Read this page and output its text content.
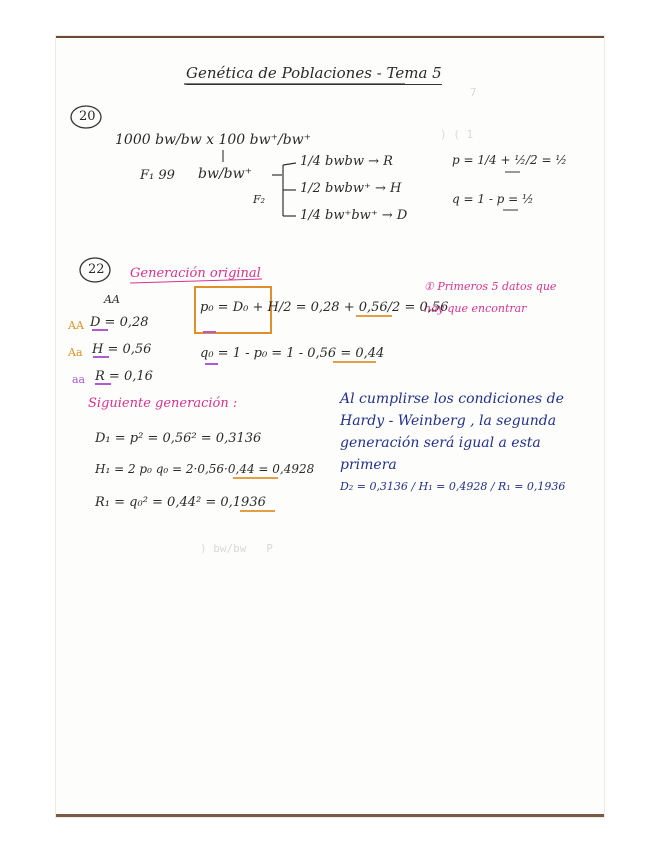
7
) ( 1
) bw/bw   P
Genética de Poblaciones - Tema 5
20
1000 bw/bw x 100 bw⁺/bw⁺
F₁ 99 bw/bw⁺
F₂
1/4 bwbw → R
1/2 bwbw⁺ → H
1/4 bw⁺bw⁺ → D
p = 1/4 + ½/2 = ½
q = 1 - p = ½
22 Generación original
AA
① Primeros 5 datos que hay que encontrar
AA D = 0,28
Aa H = 0,56
aa R = 0,16
p₀ = D₀ + H/2 = 0,28 + 0,56/2 = 0,56
q₀ = 1 - p₀ = 1 - 0,56 = 0,44
Siguiente generación :
D₁ = p² = 0,56² = 0,3136
H₁ = 2 p₀ q₀ = 2·0,56·0,44 = 0,4928
R₁ = q₀² = 0,44² = 0,1936
Al cumplirse los condiciones de
Hardy - Weinberg , la segunda
generación será igual a esta
primera
D₂ = 0,3136 / H₁ = 0,4928 / R₁ = 0,1936
